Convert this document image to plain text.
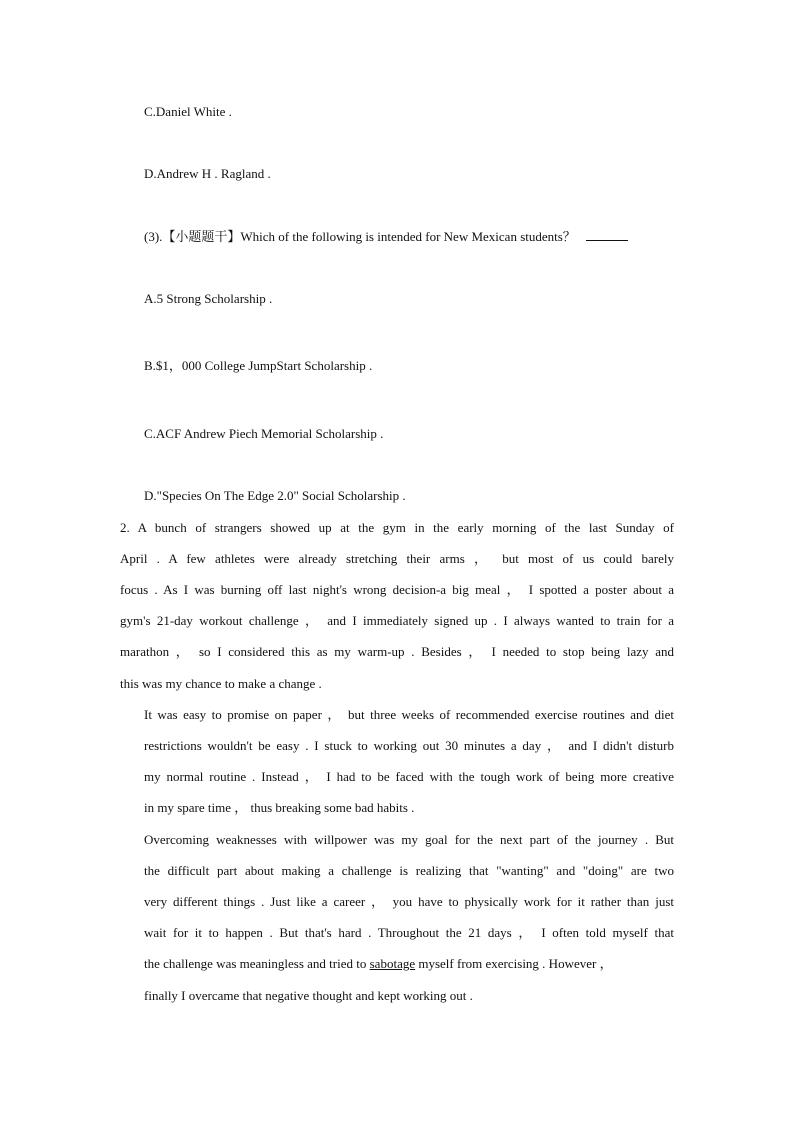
C.Daniel White .
D.Andrew H . Ragland .
(3).【小题题干】Which of the following is intended for New Mexican students？
A.5 Strong Scholarship .
B.$1，000 College JumpStart Scholarship .
C.ACF Andrew Piech Memorial Scholarship .
D."Species On The Edge 2.0" Social Scholarship .
2. A bunch of strangers showed up at the gym in the early morning of the last Sunday of
April . A few athletes were already stretching their arms ， but most of us could barely
focus . As I was burning off last night's wrong decision-a big meal ， I spotted a poster about a
gym's 21-day workout challenge ， and I immediately signed up . I always wanted to train for a
marathon ， so I considered this as my warm-up . Besides ， I needed to stop being lazy and
this was my chance to make a change .
It was easy to promise on paper ， but three weeks of recommended exercise routines and diet
restrictions wouldn't be easy . I stuck to working out 30 minutes a day ， and I didn't disturb
my normal routine . Instead ， I had to be faced with the tough work of being more creative
in my spare time ， thus breaking some bad habits .
Overcoming weaknesses with willpower was my goal for the next part of the journey . But
the difficult part about making a challenge is realizing that "wanting" and "doing" are two
very different things . Just like a career ， you have to physically work for it rather than just
wait for it to happen . But that's hard . Throughout the 21 days ， I often told myself that
the challenge was meaningless and tried to sabotage myself from exercising . However ，
finally I overcame that negative thought and kept working out .
